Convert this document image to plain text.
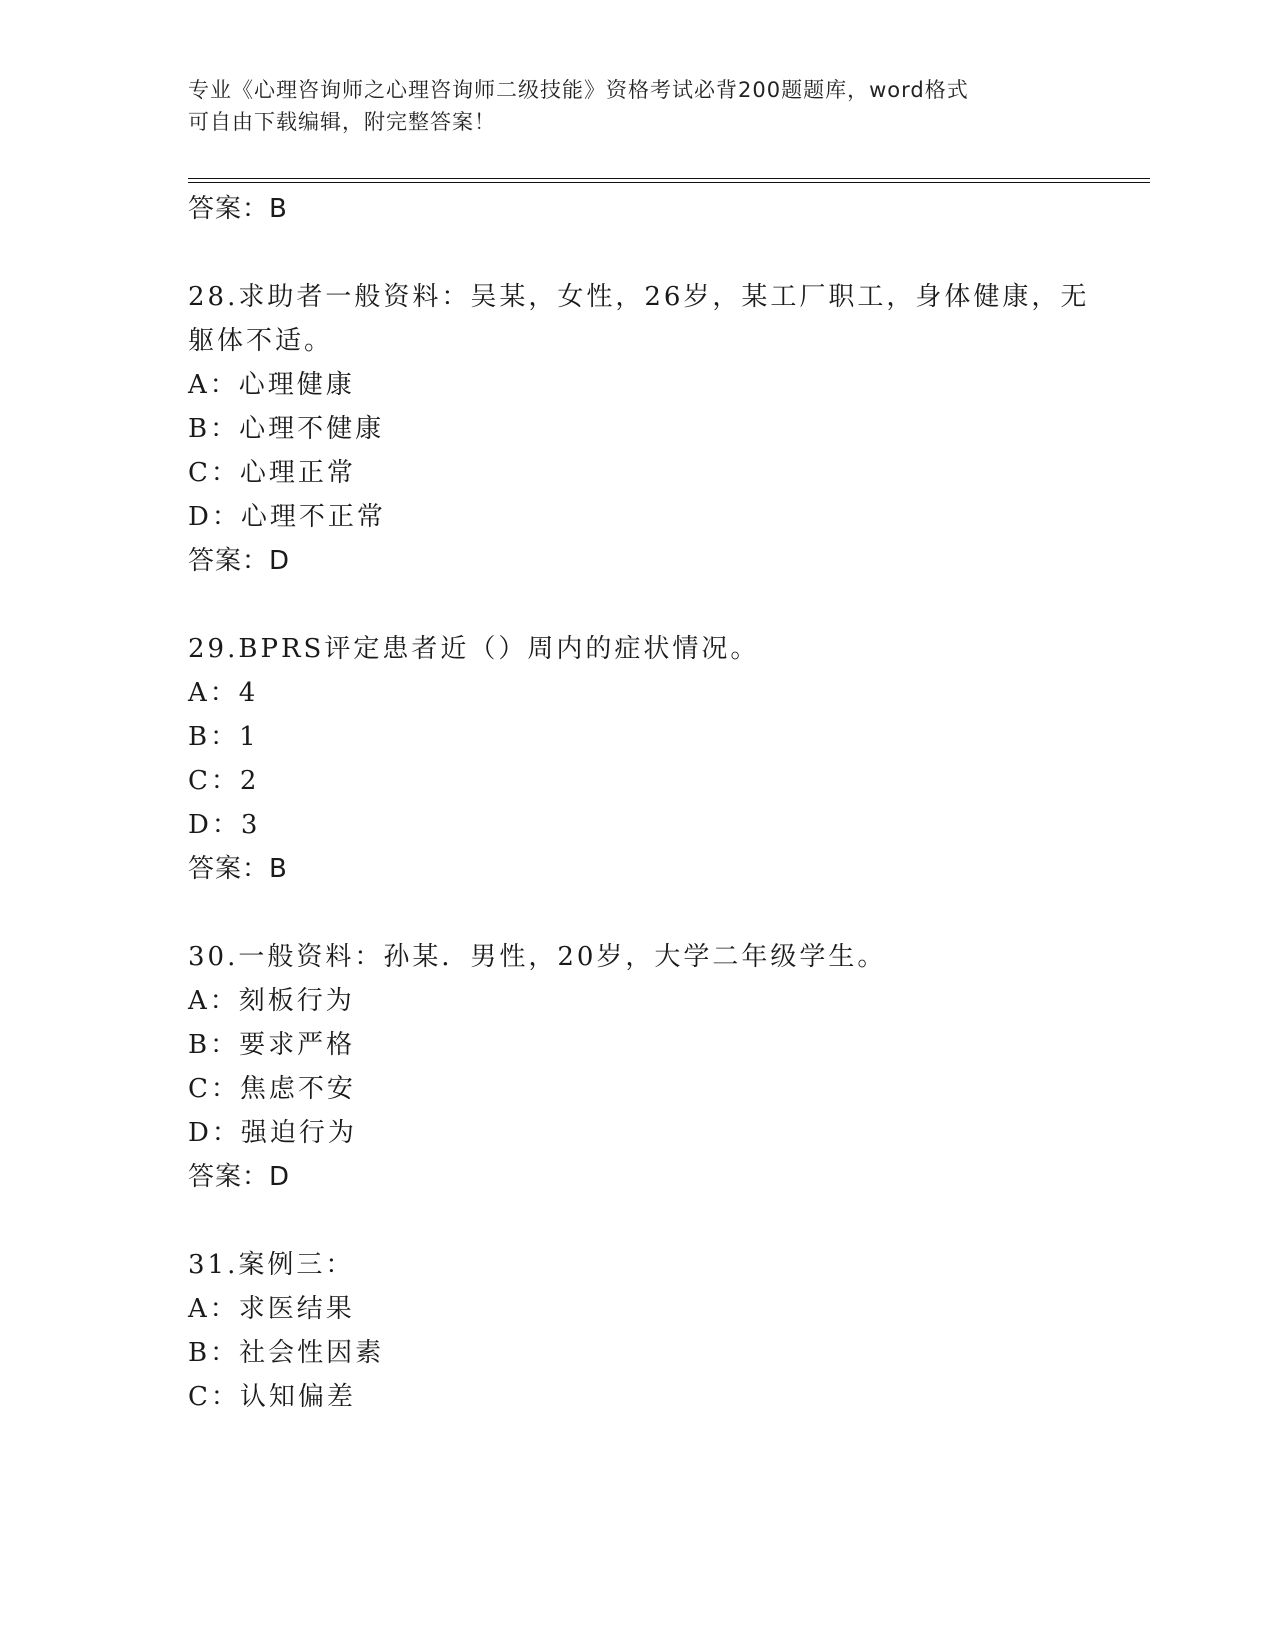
专业《心理咨询师之心理咨询师二级技能》资格考试必背200题题库，word格式
可自由下载编辑，附完整答案！
答案：B
28.求助者一般资料：吴某，女性，26岁，某工厂职工，身体健康，无
躯体不适。
A：心理健康
B：心理不健康
C：心理正常
D：心理不正常
答案：D
29.BPRS评定患者近（）周内的症状情况。
A：4
B：1
C：2
D：3
答案：B
30.一般资料：孙某．男性，20岁，大学二年级学生。
A：刻板行为
B：要求严格
C：焦虑不安
D：强迫行为
答案：D
31.案例三：
A：求医结果
B：社会性因素
C：认知偏差
